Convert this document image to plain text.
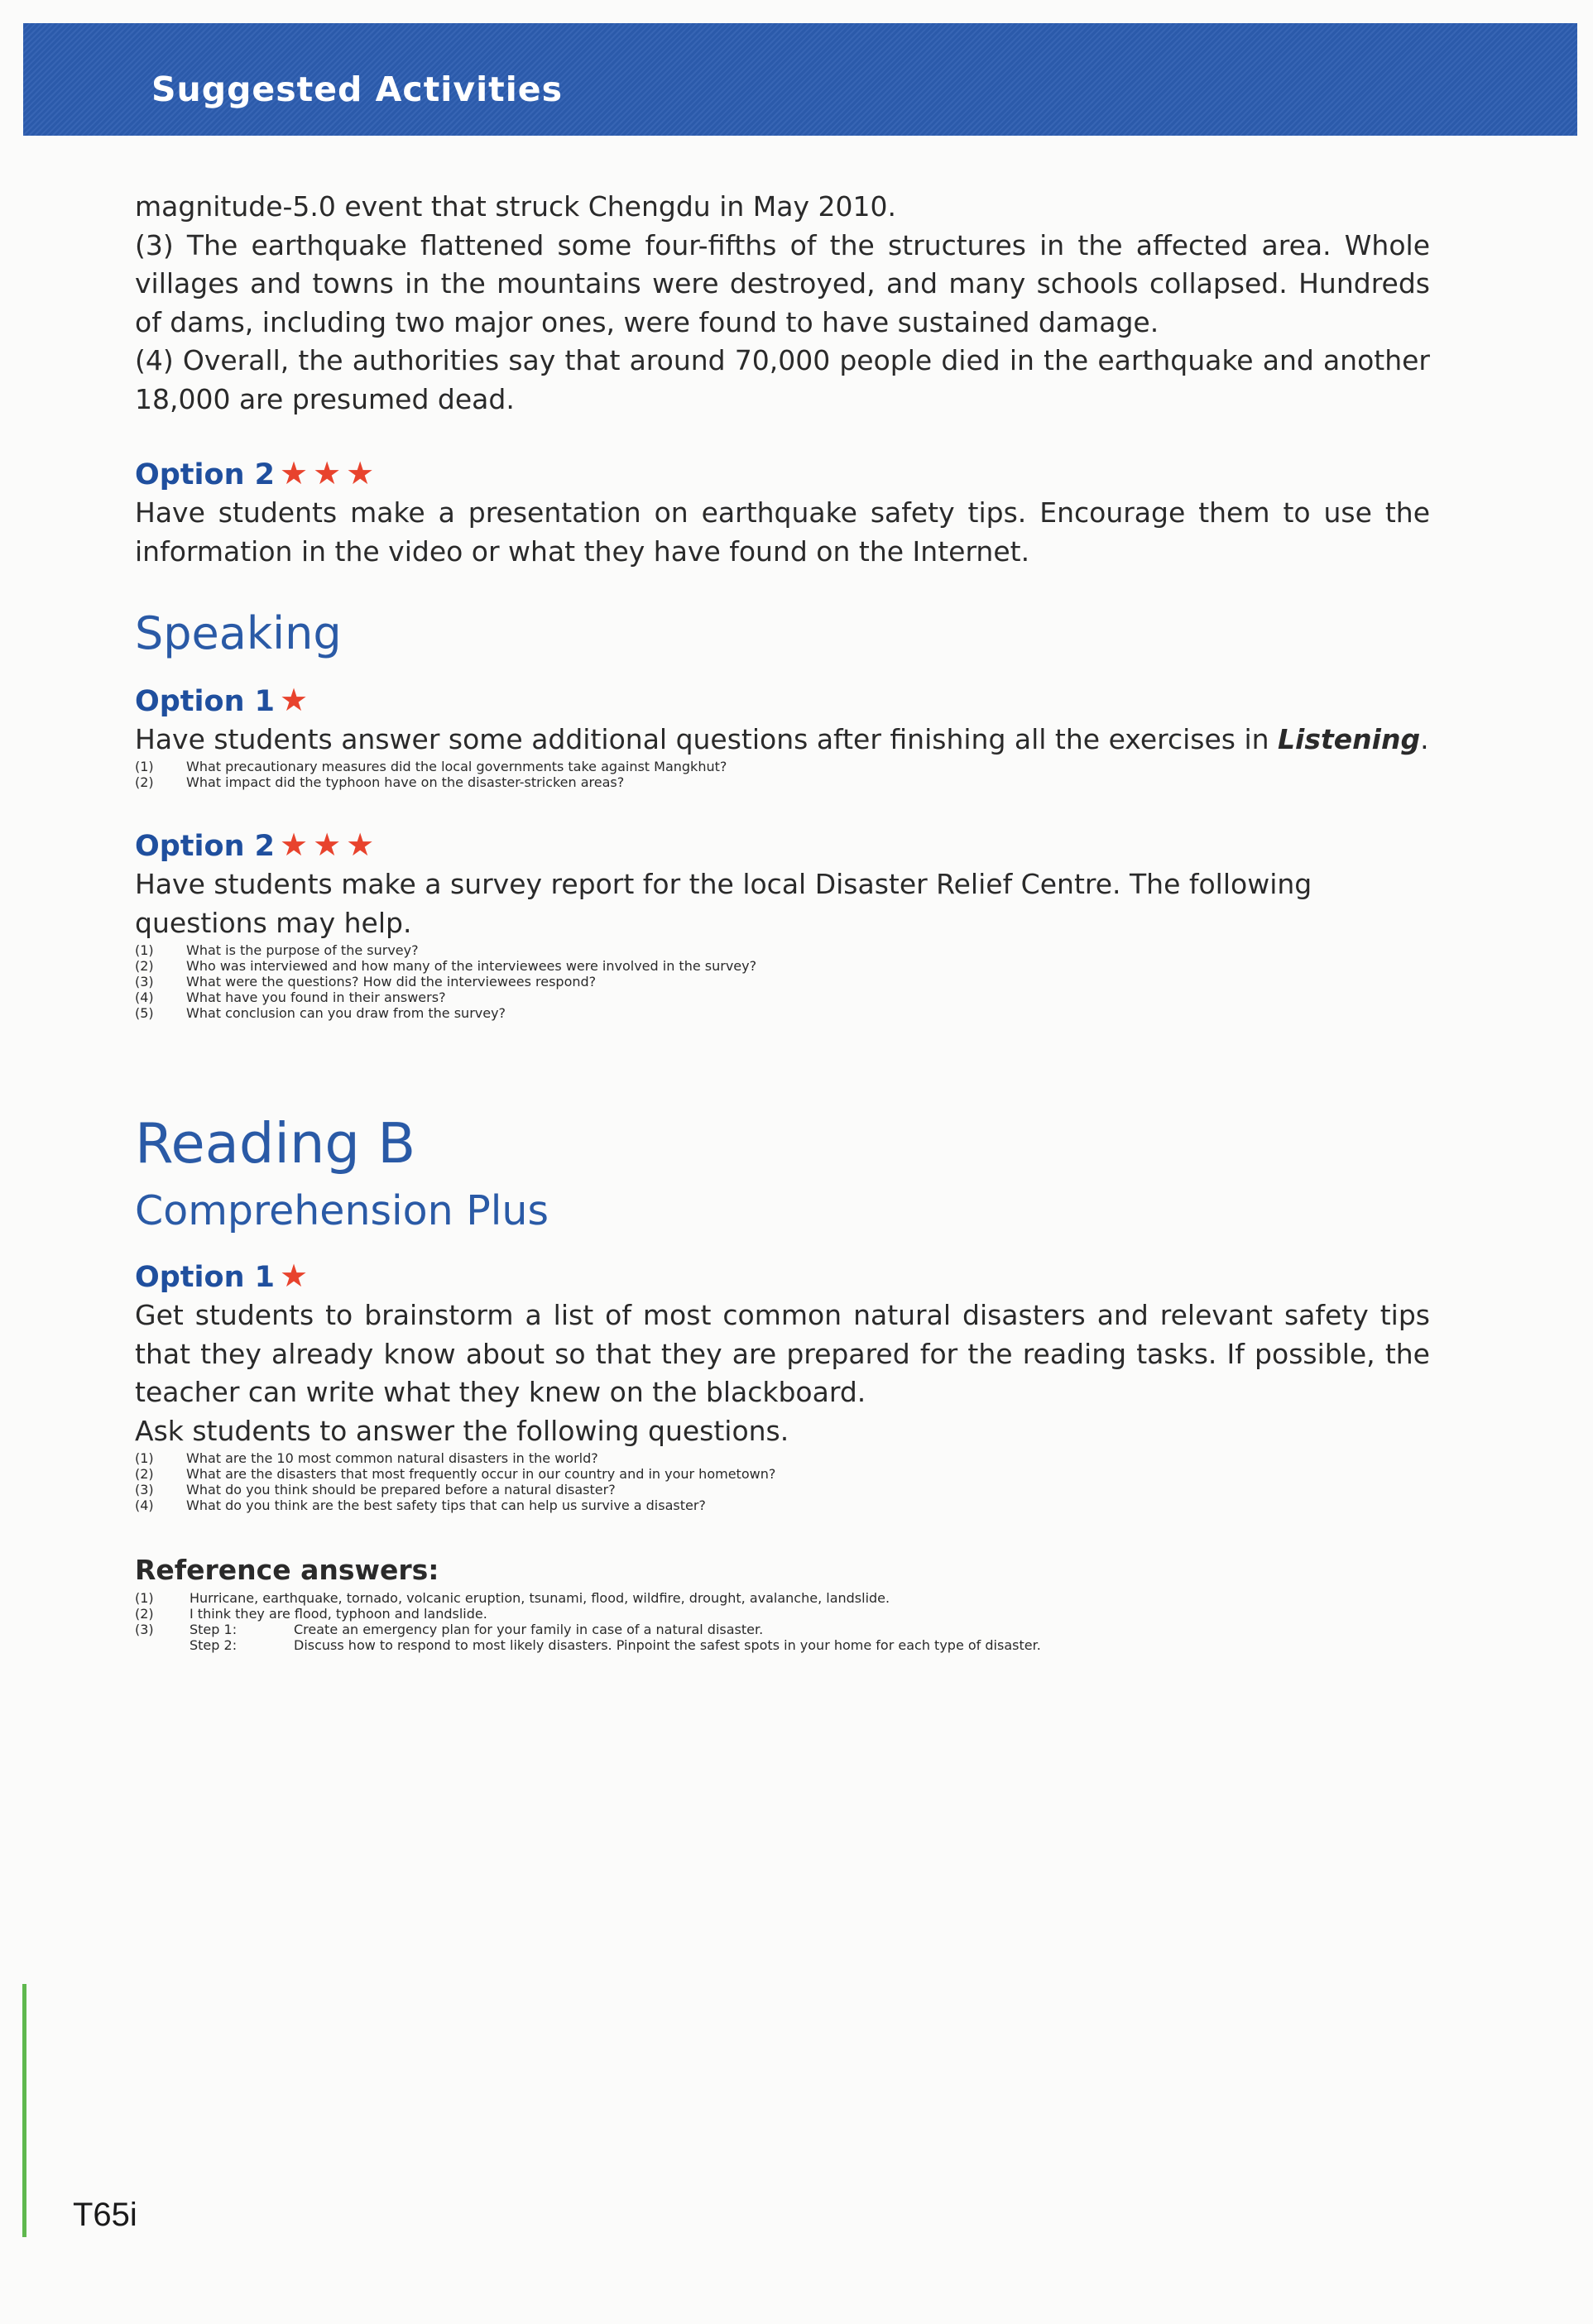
Suggested Activities

magnitude-5.0 event that struck Chengdu in May 2010.

(3) The earthquake flattened some four-fifths of the structures in the affected area. Whole villages and towns in the mountains were destroyed, and many schools collapsed. Hundreds of dams, including two major ones, were found to have sustained damage.

(4) Overall, the authorities say that around 70,000 people died in the earthquake and another 18,000 are presumed dead.

Option 2 ★★★

Have students make a presentation on earthquake safety tips. Encourage them to use the information in the video or what they have found on the Internet.

Speaking
Option 1 ★

Have students answer some additional questions after finishing all the exercises in Listening.

(1)	What precautionary measures did the local governments take against Mangkhut?
(2)	What impact did the typhoon have on the disaster-stricken areas?
Option 2 ★★★

Have students make a survey report for the local Disaster Relief Centre. The following questions may help.

(1)	What is the purpose of the survey?
(2)	Who was interviewed and how many of the interviewees were involved in the survey?
(3)	What were the questions? How did the interviewees respond?
(4)	What have you found in their answers?
(5)	What conclusion can you draw from the survey?
Reading B
Comprehension Plus
Option 1 ★

Get students to brainstorm a list of most common natural disasters and relevant safety tips that they already know about so that they are prepared for the reading tasks. If possible, the teacher can write what they knew on the blackboard.

Ask students to answer the following questions.

(1)	What are the 10 most common natural disasters in the world?
(2)	What are the disasters that most frequently occur in our country and in your hometown?
(3)	What do you think should be prepared before a natural disaster?
(4)	What do you think are the best safety tips that can help us survive a disaster?

Reference answers:

(1)	Hurricane, earthquake, tornado, volcanic eruption, tsunami, flood, wildfire, drought, avalanche, landslide.
(2)	I think they are flood, typhoon and landslide.
(3)	Step 1:	Create an emergency plan for your family in case of a natural disaster.
Step 2:	Discuss how to respond to most likely disasters. Pinpoint the safest spots in your home for each type of disaster.

T65i
